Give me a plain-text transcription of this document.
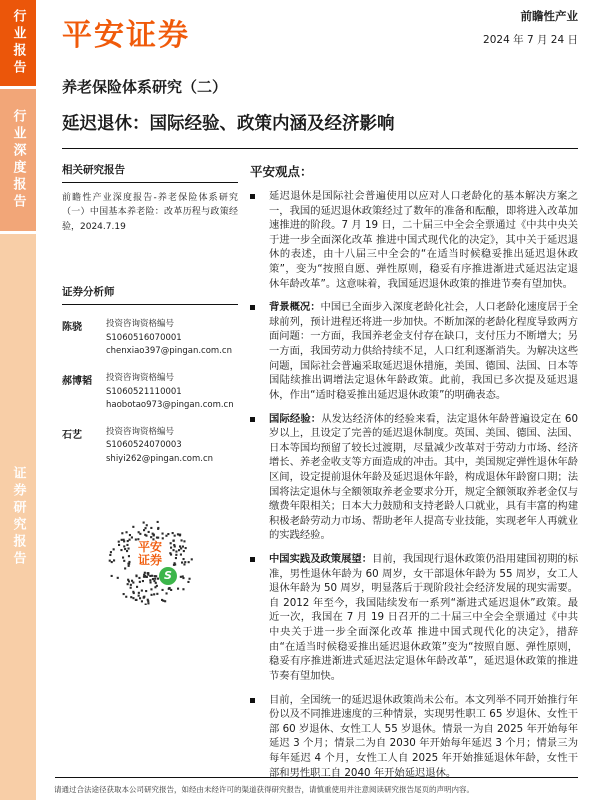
行业报告
行业深度报告
证券研究报告
平安证券
前瞻性产业
2024 年 7 月 24 日
养老保险体系研究（二）
延迟退休：国际经验、政策内涵及经济影响
相关研究报告
前瞻性产业深度报告-养老保险体系研究（一）中国基本养老险：改革历程与政策经验，2024.7.19
证券分析师
陈骁	投资咨询资格编号
S1060516070001
chenxiao397@pingan.com.cn
郝博韬	投资咨询资格编号
S1060521110001
haobotao973@pingan.com.cn
石艺	投资咨询资格编号
S1060524070003
shiyi262@pingan.com.cn
平安
证券
S
平安观点：
延迟退休是国际社会普遍使用以应对人口老龄化的基本解决方案之一，我国的延迟退休政策经过了数年的准备和酝酿，即将进入改革加速推进的阶段。7 月 19 日，二十届三中全会全票通过《中共中央关于进一步全面深化改革 推进中国式现代化的决定》，其中关于延迟退休的表述，由十八届三中全会的“在适当时候稳妥推出延迟退休政策”，变为“按照自愿、弹性原则，稳妥有序推进渐进式延迟法定退休年龄改革”。这意味着，我国延迟退休政策的推进节奏有望加快。
背景概况：中国已全面步入深度老龄化社会，人口老龄化速度居于全球前列，预计进程还将进一步加快。不断加深的老龄化程度导致两方面问题：一方面，我国养老金支付存在缺口，支付压力不断增大；另一方面，我国劳动力供给持续不足，人口红利逐渐消失。为解决这些问题，国际社会普遍采取延迟退休措施，美国、德国、法国、日本等国陆续推出调增法定退休年龄政策。此前，我国已多次提及延迟退休，作出“适时稳妥推出延迟退休政策”的明确表态。
国际经验：从发达经济体的经验来看，法定退休年龄普遍设定在 60 岁以上，且设定了完善的延迟退休制度。英国、美国、德国、法国、日本等国均预留了较长过渡期，尽量减少改革对于劳动力市场、经济增长、养老金收支等方面造成的冲击。其中，美国规定弹性退休年龄区间，设定提前退休年龄及延迟退休年龄，构成退休年龄窗口期；法国将法定退休与全额领取养老金要求分开，规定全额领取养老金仅与缴费年限相关；日本大力鼓励和支持老龄人口就业，具有丰富的构建积极老龄劳动力市场、帮助老年人提高专业技能，实现老年人再就业的实践经验。
中国实践及政策展望：目前，我国现行退休政策仍沿用建国初期的标准，男性退休年龄为 60 周岁，女干部退休年龄为 55 周岁，女工人退休年龄为 50 周岁，明显落后于现阶段社会经济发展的现实需要。自 2012 年至今，我国陆续发布一系列“渐进式延迟退休”政策。最近一次，我国在 7 月 19 日召开的二十届三中全会全票通过《中共中央关于进一步全面深化改革 推进中国式现代化的决定》，措辞由“在适当时候稳妥推出延迟退休政策”变为“按照自愿、弹性原则，稳妥有序推进渐进式延迟法定退休年龄改革”，延迟退休政策的推进节奏有望加快。
目前，全国统一的延迟退休政策尚未公布。本文列举不同开始推行年份以及不同推进速度的三种情景，实现男性职工 65 岁退休、女性干部 60 岁退休、女性工人 55 岁退休。情景一为自 2025 年开始每年延迟 3 个月；情景二为自 2030 年开始每年延迟 3 个月；情景三为每年延迟 4 个月，女性工人自 2025 年开始推延退休年龄，女性干部和男性职工自 2040 年开始延迟退休。
请通过合法途径获取本公司研究报告，如经由未经许可的渠道获得研究报告，请慎重使用并注意阅读研究报告尾页的声明内容。
